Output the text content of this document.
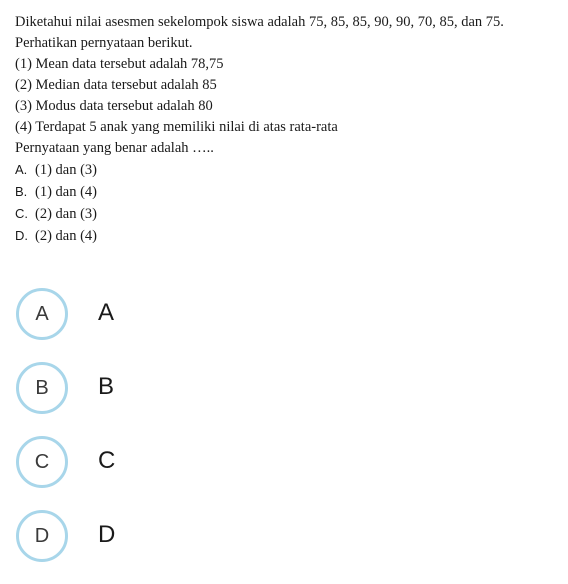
Diketahui nilai asesmen sekelompok siswa adalah 75, 85, 85, 90, 90, 70, 85, dan 75.
Perhatikan pernyataan berikut.
(1) Mean data tersebut adalah 78,75
(2) Median data tersebut adalah 85
(3) Modus data tersebut adalah 80
(4) Terdapat 5 anak yang memiliki nilai di atas rata-rata
Pernyataan yang benar adalah …..
A. (1) dan (3)
B. (1) dan (4)
C. (2) dan (3)
D. (2) dan (4)
A	A
B	B
C	C
D	D
